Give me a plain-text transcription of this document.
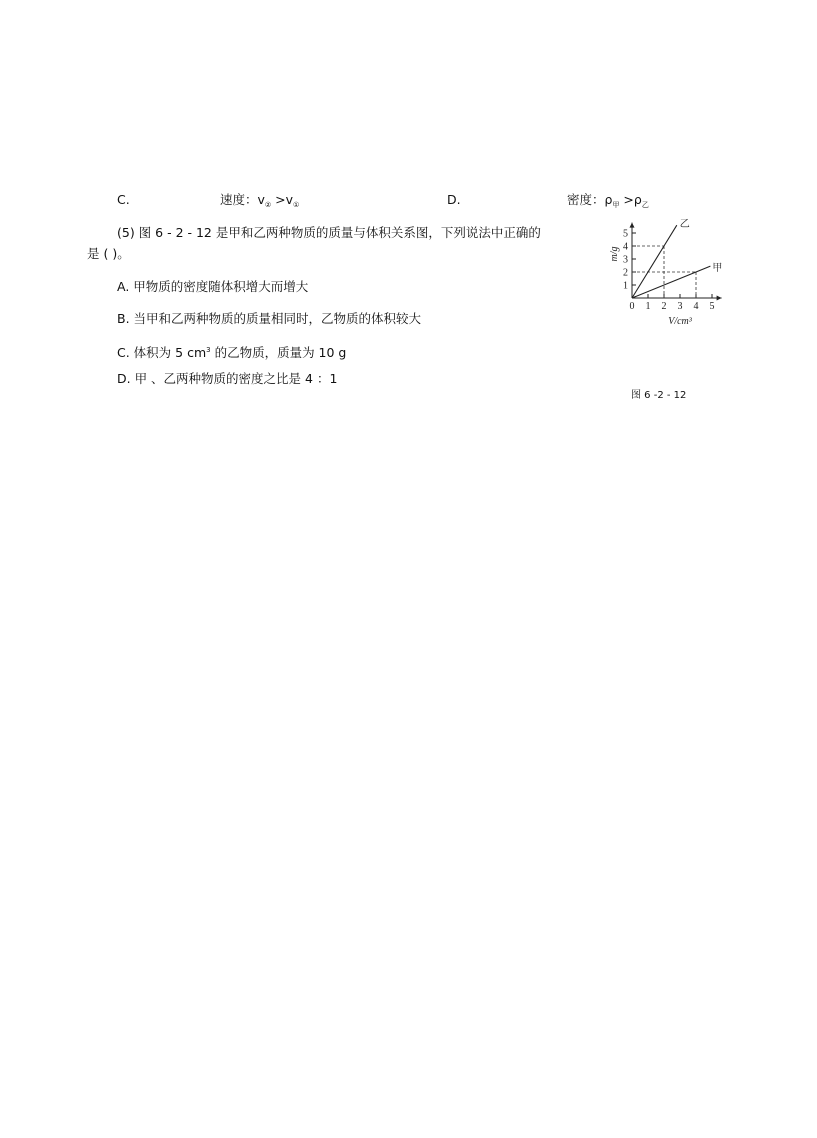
C.	速度：$v_② >v_①$	D.	密度：$\rho_甲 >\rho_乙$
(5) 图 6 - 2 - 12 是甲和乙两种物质的质量与体积关系图，下列说法中正确的
是 ( )。
A. 甲物质的密度随体积增大而增大
B. 当甲和乙两种物质的质量相同时，乙物质的体积较大
C. 体积为 5 $cm^3$ 的乙物质，质量为 10 g
D. 甲 、乙两种物质的密度之比是 4 ：1
1
2
3
4
5
0 1 2 3 4 5
m/g
V/cm³
乙
甲
图 6 -2 - 12
